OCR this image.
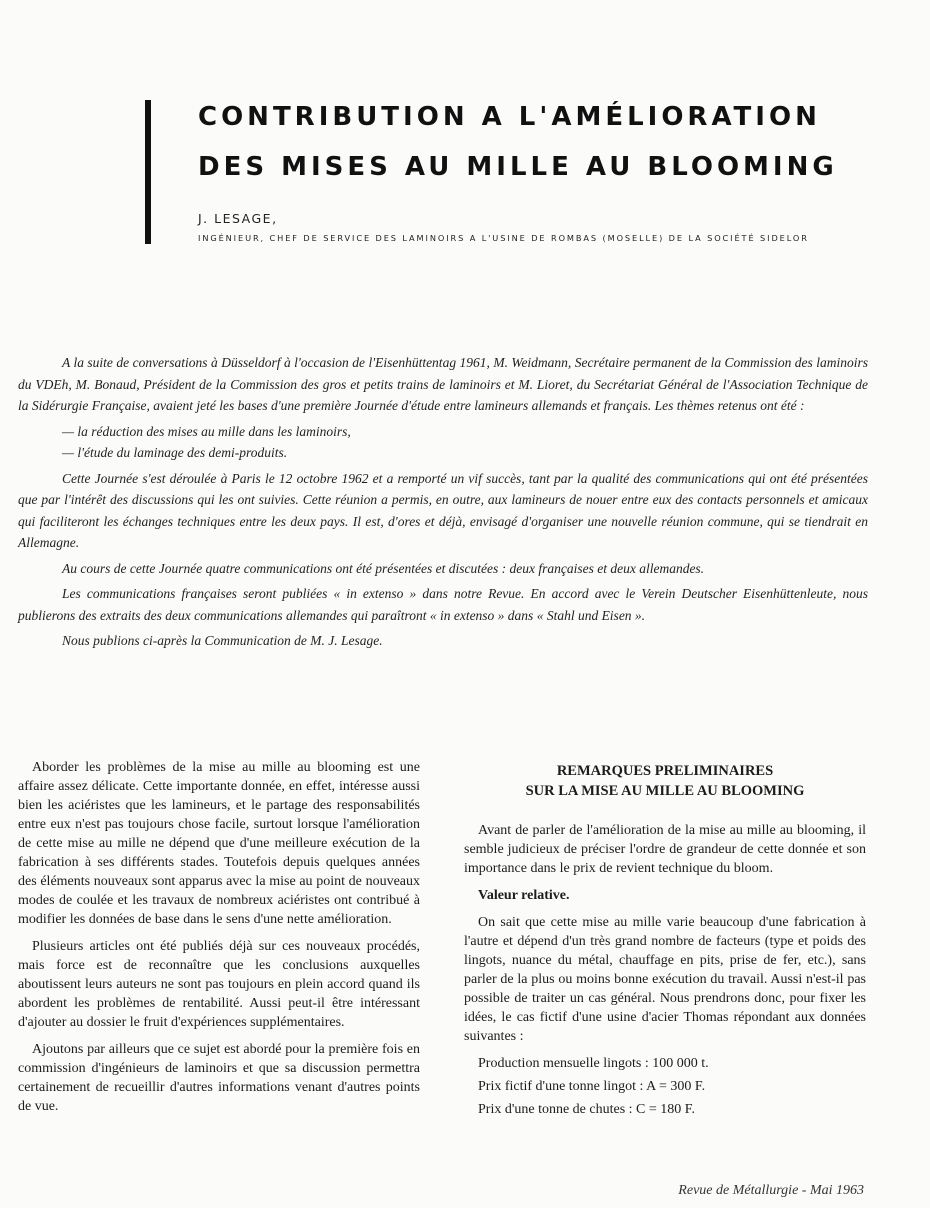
CONTRIBUTION A L'AMÉLIORATION
DES MISES AU MILLE AU BLOOMING
J. LESAGE,
INGÉNIEUR, CHEF DE SERVICE DES LAMINOIRS A L'USINE DE ROMBAS (MOSELLE) DE LA SOCIÉTÉ SIDELOR

A la suite de conversations à Düsseldorf à l'occasion de l'Eisenhüttentag 1961, M. Weidmann, Secrétaire permanent de la Commission des laminoirs du VDEh, M. Bonaud, Président de la Commission des gros et petits trains de laminoirs et M. Lioret, du Secrétariat Général de l'Association Technique de la Sidérurgie Française, avaient jeté les bases d'une première Journée d'étude entre lamineurs allemands et français. Les thèmes retenus ont été :

— la réduction des mises au mille dans les laminoirs,

— l'étude du laminage des demi-produits.

Cette Journée s'est déroulée à Paris le 12 octobre 1962 et a remporté un vif succès, tant par la qualité des communications qui ont été présentées que par l'intérêt des discussions qui les ont suivies. Cette réunion a permis, en outre, aux lamineurs de nouer entre eux des contacts personnels et amicaux qui faciliteront les échanges techniques entre les deux pays. Il est, d'ores et déjà, envisagé d'organiser une nouvelle réunion commune, qui se tiendrait en Allemagne.

Au cours de cette Journée quatre communications ont été présentées et discutées : deux françaises et deux allemandes.

Les communications françaises seront publiées « in extenso » dans notre Revue. En accord avec le Verein Deutscher Eisenhüttenleute, nous publierons des extraits des deux communications allemandes qui paraîtront « in extenso » dans « Stahl und Eisen ».

Nous publions ci-après la Communication de M. J. Lesage.

Aborder les problèmes de la mise au mille au blooming est une affaire assez délicate. Cette importante donnée, en effet, intéresse aussi bien les aciéristes que les lamineurs, et le partage des responsabilités entre eux n'est pas toujours chose facile, surtout lorsque l'amélioration de cette mise au mille ne dépend que d'une meilleure exécution de la fabrication à ses différents stades. Toutefois depuis quelques années des éléments nouveaux sont apparus avec la mise au point de nouveaux modes de coulée et les travaux de nombreux aciéristes ont contribué à modifier les données de base dans le sens d'une nette amélioration.

Plusieurs articles ont été publiés déjà sur ces nouveaux procédés, mais force est de reconnaître que les conclusions auxquelles aboutissent leurs auteurs ne sont pas toujours en plein accord quand ils abordent les problèmes de rentabilité. Aussi peut-il être intéressant d'ajouter au dossier le fruit d'expériences supplémentaires.

Ajoutons par ailleurs que ce sujet est abordé pour la première fois en commission d'ingénieurs de laminoirs et que sa discussion permettra certainement de recueillir d'autres informations venant d'autres points de vue.

REMARQUES PRELIMINAIRES
SUR LA MISE AU MILLE AU BLOOMING

Avant de parler de l'amélioration de la mise au mille au blooming, il semble judicieux de préciser l'ordre de grandeur de cette donnée et son importance dans le prix de revient technique du bloom.

Valeur relative.

On sait que cette mise au mille varie beaucoup d'une fabrication à l'autre et dépend d'un très grand nombre de facteurs (type et poids des lingots, nuance du métal, chauffage en pits, prise de fer, etc.), sans parler de la plus ou moins bonne exécution du travail. Aussi n'est-il pas possible de traiter un cas général. Nous prendrons donc, pour fixer les idées, le cas fictif d'une usine d'acier Thomas répondant aux données suivantes :

Production mensuelle lingots : 100 000 t.
Prix fictif d'une tonne lingot : A = 300 F.
Prix d'une tonne de chutes : C = 180 F.
Revue de Métallurgie - Mai 1963
